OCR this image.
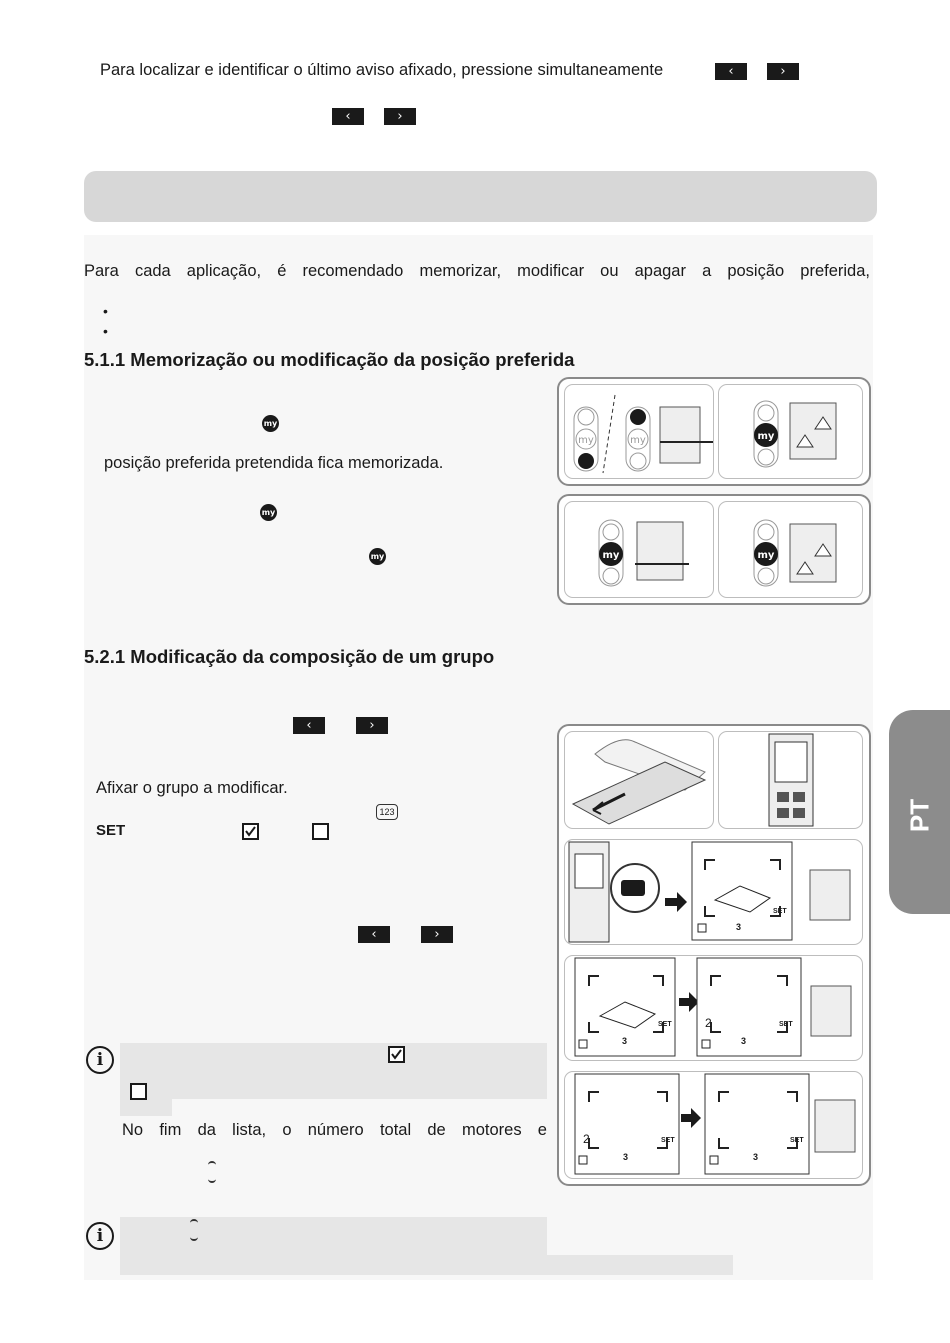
Para localizar e identificar o último aviso afixado, pressione simultaneamente	‹	›
‹	›
Para cada aplicação, é recomendado memorizar, modificar ou apagar a posição preferida,
•
•
5.1.1 Memorização ou modificação da posição preferida
my
posição preferida pretendida fica memorizada.
my
my
my	my	my
my	my
5.2.1 Modificação da composição de um grupo
‹	›
Afixar o grupo a modificar.
123
SET
‹	›
i
No fim da lista, o número total de motores e
i
SET
3
SET
3
SET
3
2
SET
3
SET
3
2
PT
